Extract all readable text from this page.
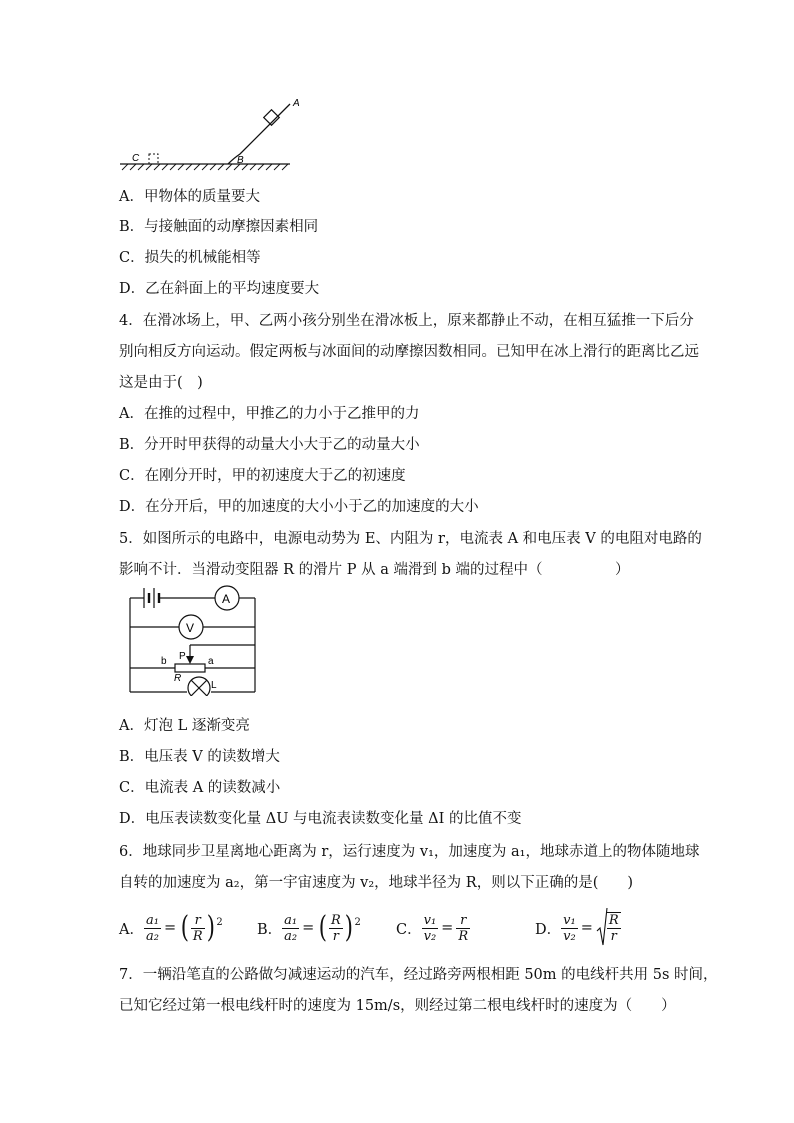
A
B
C
A．甲物体的质量要大
B．与接触面的动摩擦因素相同
C．损失的机械能相等
D．乙在斜面上的平均速度要大
4．在滑冰场上，甲、乙两小孩分别坐在滑冰板上，原来都静止不动，在相互猛推一下后分
别向相反方向运动。假定两板与冰面间的动摩擦因数相同。已知甲在冰上滑行的距离比乙远
这是由于(　)
A．在推的过程中，甲推乙的力小于乙推甲的力
B．分开时甲获得的动量大小大于乙的动量大小
C．在刚分开时，甲的初速度大于乙的初速度
D．在分开后，甲的加速度的大小小于乙的加速度的大小
5．如图所示的电路中，电源电动势为 E、内阻为 r，电流表 A 和电压表 V 的电阻对电路的
影响不计．当滑动变阻器 R 的滑片 P 从 a 端滑到 b 端的过程中（　　　　　）
A
V
P a
b
R
L
A．灯泡 L 逐渐变亮
B．电压表 V 的读数增大
C．电流表 A 的读数减小
D．电压表读数变化量 ΔU 与电流表读数变化量 ΔI 的比值不变
6．地球同步卫星离地心距离为 r，运行速度为 v₁，加速度为 a₁，地球赤道上的物体随地球
自转的加速度为 a₂，第一宇宙速度为 v₂，地球半径为 R，则以下正确的是(　　)
A． $\frac{\text{a₁}}{\text{a₂}}$ = ( $\frac{r}{R}$ ) 2 B． $\frac{\text{a₁}}{\text{a₂}}$ = ( $\frac{R}{r}$ ) 2 C． $\frac{\text{v₁}}{\text{v₂}} = \frac{r}{R}$	D． $\frac{\text{v₁}}{\text{v₂}} = \frac{R}{r}$
7．一辆沿笔直的公路做匀减速运动的汽车，经过路旁两根相距 50m 的电线杆共用 5s 时间，
已知它经过第一根电线杆时的速度为 15m/s，则经过第二根电线杆时的速度为（　　）
